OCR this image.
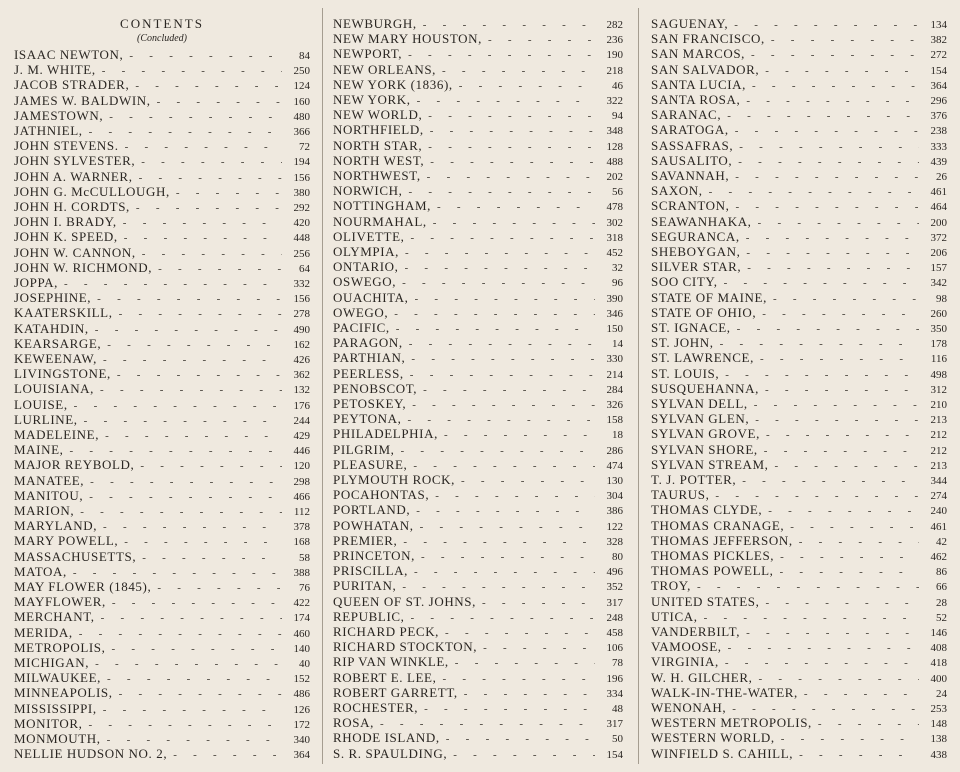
CONTENTS
(Concluded)
ISAAC NEWTON, - -	84
J. M. WHITE, - -	250
JACOB STRADER, - -	124
JAMES W. BALDWIN, - -	160
JAMESTOWN, - -	480
JATHNIEL, - -	366
JOHN STEVENS. - -	72
JOHN SYLVESTER, - -	194
JOHN A. WARNER, - -	156
JOHN G. McCULLOUGH, - -	380
JOHN H. CORDTS, - -	292
JOHN I. BRADY, - -	420
JOHN K. SPEED, - -	448
JOHN W. CANNON, - -	256
JOHN W. RICHMOND, - -	64
JOPPA, - -	332
JOSEPHINE, - -	156
KAATERSKILL, - -	278
KATAHDIN, - -	490
KEARSARGE, - -	162
KEWEENAW, - -	426
LIVINGSTONE, - -	362
LOUISIANA, - -	132
LOUISE, - -	176
LURLINE, - -	244
MADELEINE, - -	429
MAINE, - -	446
MAJOR REYBOLD, - -	120
MANATEE, - -	298
MANITOU, - -	466
MARION, - -	112
MARYLAND, - -	378
MARY POWELL, - -	168
MASSACHUSETTS, - -	58
MATOA, - -	388
MAY FLOWER (1845), - -	76
MAYFLOWER, - -	422
MERCHANT, - -	174
MERIDA, - -	460
METROPOLIS, - -	140
MICHIGAN, - -	40
MILWAUKEE, - -	152
MINNEAPOLIS, - -	486
MISSISSIPPI, - -	126
MONITOR, - -	172
MONMOUTH, - -	340
NELLIE HUDSON NO. 2, - -	364
NEWBURGH, - -	282
NEW MARY HOUSTON, - -	236
NEWPORT, - -	190
NEW ORLEANS, - -	218
NEW YORK (1836), - -	46
NEW YORK, - -	322
NEW WORLD, - -	94
NORTHFIELD, - -	348
NORTH STAR, - -	128
NORTH WEST, - -	488
NORTHWEST, - -	202
NORWICH, - -	56
NOTTINGHAM, - -	478
NOURMAHAL, - -	302
OLIVETTE, - -	318
OLYMPIA, - -	452
ONTARIO, - -	32
OSWEGO, - -	96
OUACHITA, - -	390
OWEGO, - -	346
PACIFIC, - -	150
PARAGON, - -	14
PARTHIAN, - -	330
PEERLESS, - -	214
PENOBSCOT, - -	284
PETOSKEY, - -	326
PEYTONA, - -	158
PHILADELPHIA, - -	18
PILGRIM, - -	286
PLEASURE, - -	474
PLYMOUTH ROCK, - -	130
POCAHONTAS, - -	304
PORTLAND, - -	386
POWHATAN, - -	122
PREMIER, - -	328
PRINCETON, - -	80
PRISCILLA, - -	496
PURITAN, - -	352
QUEEN OF ST. JOHNS, - -	317
REPUBLIC, - -	248
RICHARD PECK, - -	458
RICHARD STOCKTON, - -	106
RIP VAN WINKLE, - -	78
ROBERT E. LEE, - -	196
ROBERT GARRETT, - -	334
ROCHESTER, - -	48
ROSA, - -	317
RHODE ISLAND, - -	50
S. R. SPAULDING, - -	154
SAGUENAY, - -	134
SAN FRANCISCO, - -	382
SAN MARCOS, - -	272
SAN SALVADOR, - -	154
SANTA LUCIA, - -	364
SANTA ROSA, - -	296
SARANAC, - -	376
SARATOGA, - -	238
SASSAFRAS, - -	333
SAUSALITO, - -	439
SAVANNAH, - -	26
SAXON, - -	461
SCRANTON, - -	464
SEAWANHAKA, - -	200
SEGURANCA, - -	372
SHEBOYGAN, - -	206
SILVER STAR, - -	157
SOO CITY, - -	342
STATE OF MAINE, - -	98
STATE OF OHIO, - -	260
ST. IGNACE, - -	350
ST. JOHN, - -	178
ST. LAWRENCE, - -	116
ST. LOUIS, - -	498
SUSQUEHANNA, - -	312
SYLVAN DELL, - -	210
SYLVAN GLEN, - -	213
SYLVAN GROVE, - -	212
SYLVAN SHORE, - -	212
SYLVAN STREAM, - -	213
T. J. POTTER, - -	344
TAURUS, - -	274
THOMAS CLYDE, - -	240
THOMAS CRANAGE, - -	461
THOMAS JEFFERSON, - -	42
THOMAS PICKLES, - -	462
THOMAS POWELL, - -	86
TROY, - -	66
UNITED STATES, - -	28
UTICA, - -	52
VANDERBILT, - -	146
VAMOOSE, - -	408
VIRGINIA, - -	418
W. H. GILCHER, - -	400
WALK-IN-THE-WATER, - -	24
WENONAH, - -	253
WESTERN METROPOLIS, - -	148
WESTERN WORLD, - -	138
WINFIELD S. CAHILL, - -	438
